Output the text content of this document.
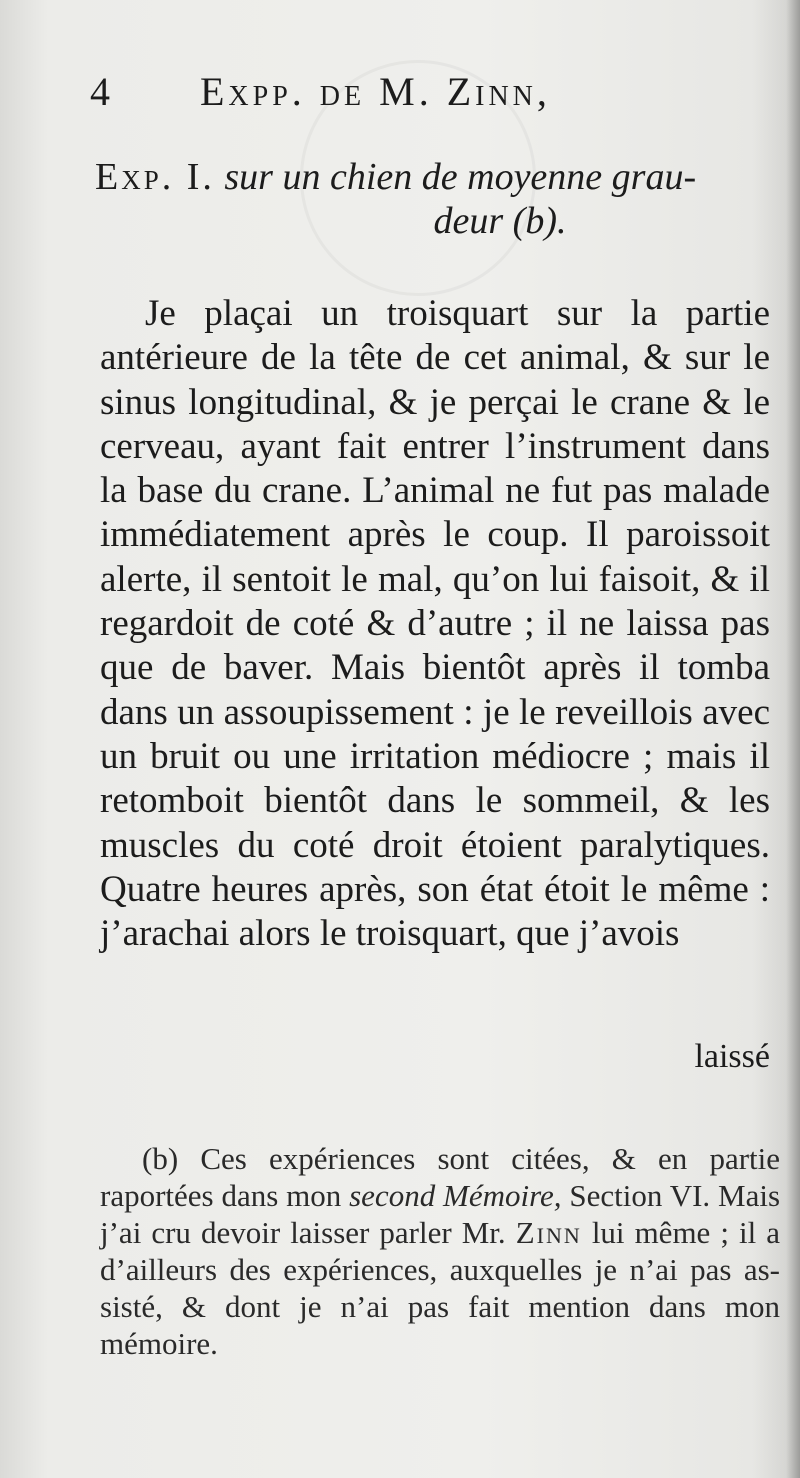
4 Expp. de M. Zinn,
Exp. I. sur un chien de moyenne grau-
deur (b).

Je plaçai un troisquart sur la partie antérieure de la tête de cet animal, & sur le sinus longitudinal, & je perçai le crane & le cerveau, ayant fait entrer l’instrument dans la base du crane. L’animal ne fut pas malade immédiatement après le coup. Il paroissoit alerte, il sentoit le mal, qu’on lui faisoit, & il regardoit de coté & d’autre ; il ne laissa pas que de baver. Mais bientôt après il tomba dans un assoupissement : je le reveillois avec un bruit ou une irritation médiocre ; mais il retomboit bientôt dans le sommeil, & les muscles du coté droit étoient paralytiques. Quatre heures après, son état étoit le même : j’arachai alors le troisquart, que j’avois

laissé

(b) Ces expériences sont citées, & en partie raportées dans mon second Mémoire, Section VI. Mais j’ai cru devoir laisser parler Mr. Zinn lui même ; il a d’ailleurs des expériences, auxquelles je n’ai pas assisté, & dont je n’ai pas fait mention dans mon mémoire.
